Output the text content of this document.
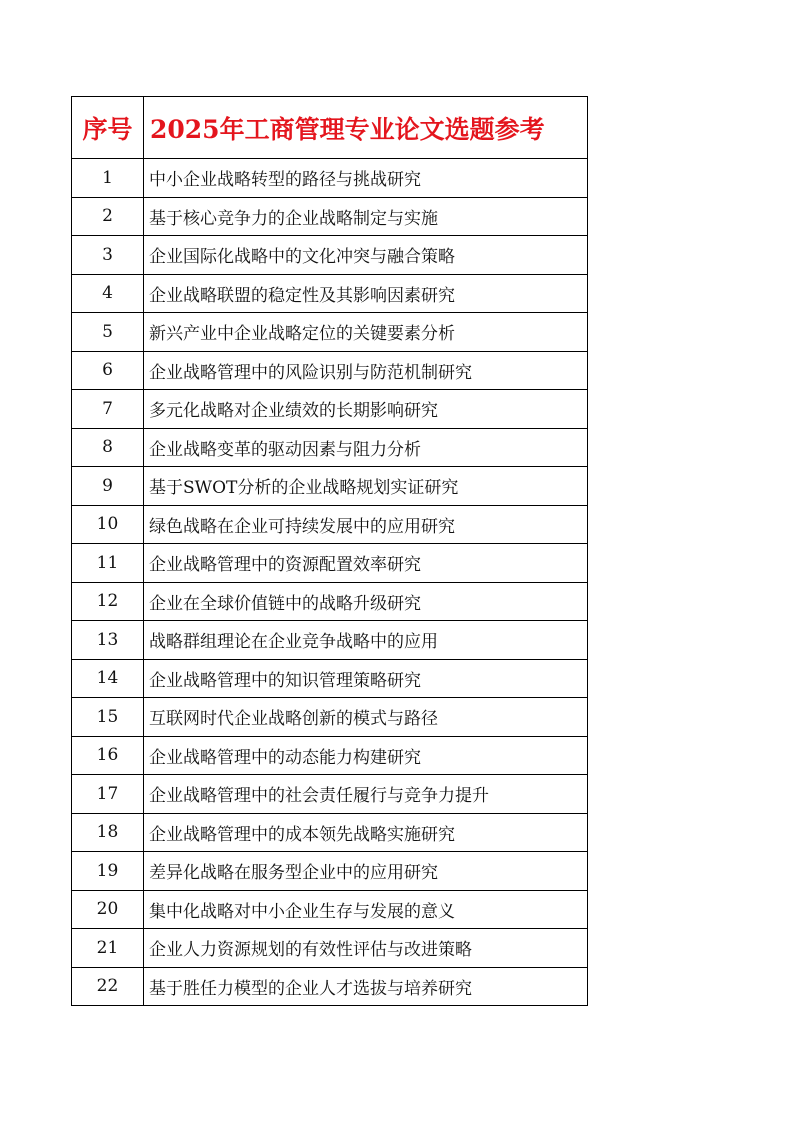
序号	2025年工商管理专业论文选题参考
1	中小企业战略转型的路径与挑战研究
2	基于核心竞争力的企业战略制定与实施
3	企业国际化战略中的文化冲突与融合策略
4	企业战略联盟的稳定性及其影响因素研究
5	新兴产业中企业战略定位的关键要素分析
6	企业战略管理中的风险识别与防范机制研究
7	多元化战略对企业绩效的长期影响研究
8	企业战略变革的驱动因素与阻力分析
9	基于SWOT分析的企业战略规划实证研究
10	绿色战略在企业可持续发展中的应用研究
11	企业战略管理中的资源配置效率研究
12	企业在全球价值链中的战略升级研究
13	战略群组理论在企业竞争战略中的应用
14	企业战略管理中的知识管理策略研究
15	互联网时代企业战略创新的模式与路径
16	企业战略管理中的动态能力构建研究
17	企业战略管理中的社会责任履行与竞争力提升
18	企业战略管理中的成本领先战略实施研究
19	差异化战略在服务型企业中的应用研究
20	集中化战略对中小企业生存与发展的意义
21	企业人力资源规划的有效性评估与改进策略
22	基于胜任力模型的企业人才选拔与培养研究
